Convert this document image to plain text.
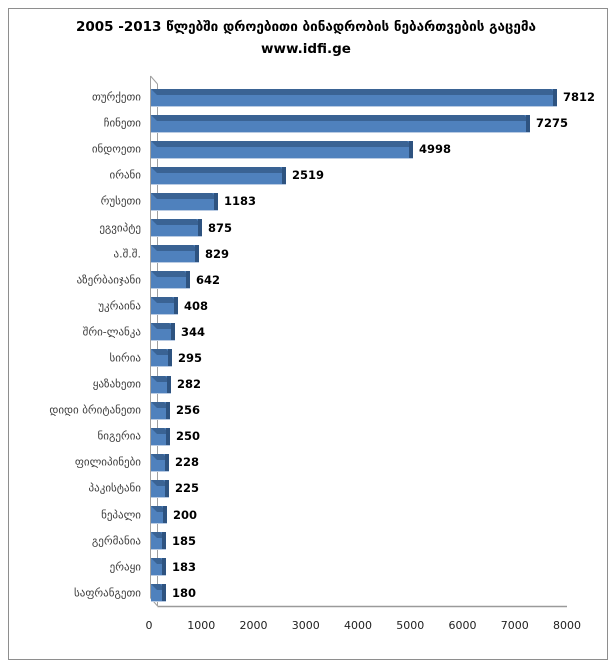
2005 -2013 წლებში დროებითი ბინადრობის ნებართვების გაცემა
www.idfi.ge
თურქეთი	7812
ჩინეთი	7275
ინდოეთი	4998
ირანი	2519
რუსეთი	1183
ეგვიპტე	875
ა.შ.შ.	829
აზერბაიჯანი	642
უკრაინა	408
შრი-ლანკა	344
სირია	295
ყაზახეთი	282
დიდი ბრიტანეთი	256
ნიგერია	250
ფილიპინები	228
პაკისტანი	225
ნეპალი	200
გერმანია	185
ერაყი	183
საფრანგეთი	180
0	1000	2000	3000	4000	5000	6000	7000	8000
